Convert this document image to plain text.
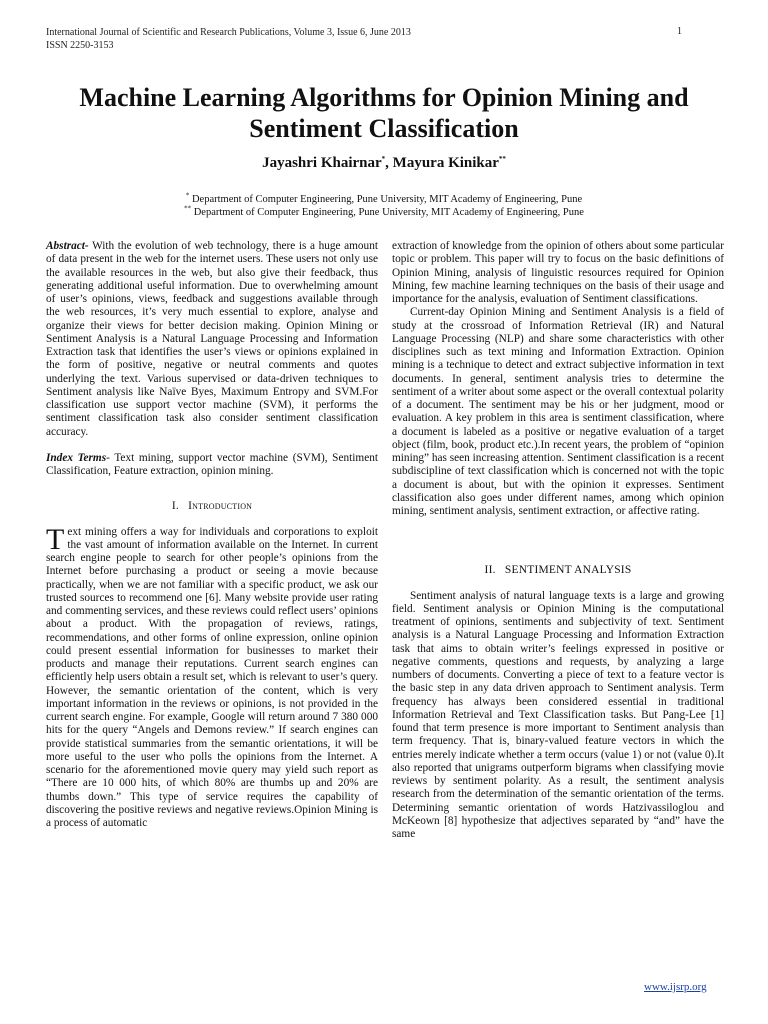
International Journal of Scientific and Research Publications, Volume 3, Issue 6, June 2013
ISSN 2250-3153
1
Machine Learning Algorithms for Opinion Mining and Sentiment Classification
Jayashri Khairnar*, Mayura Kinikar**
* Department of Computer Engineering, Pune University, MIT Academy of Engineering, Pune
** Department of Computer Engineering, Pune University, MIT Academy of Engineering, Pune

Abstract- With the evolution of web technology, there is a huge amount of data present in the web for the internet users. These users not only use the available resources in the web, but also give their feedback, thus generating additional useful information. Due to overwhelming amount of user’s opinions, views, feedback and suggestions available through the web resources, it’s very much essential to explore, analyse and organize their views for better decision making. Opinion Mining or Sentiment Analysis is a Natural Language Processing and Information Extraction task that identifies the user’s views or opinions explained in the form of positive, negative or neutral comments and quotes underlying the text. Various supervised or data-driven techniques to Sentiment analysis like Naïve Byes, Maximum Entropy and SVM.For classification use support vector machine (SVM), it performs the sentiment classification task also consider sentiment classification accuracy.

Index Terms- Text mining, support vector machine (SVM), Sentiment Classification, Feature extraction, opinion mining.

I. Introduction

Text mining offers a way for individuals and corporations to exploit the vast amount of information available on the Internet. In current search engine people to search for other people’s opinions from the Internet before purchasing a product or seeing a movie because practically, when we are not familiar with a specific product, we ask our trusted sources to recommend one [6]. Many website provide user rating and commenting services, and these reviews could reflect users’ opinions about a product. With the propagation of reviews, ratings, recommendations, and other forms of online expression, online opinion could present essential information for businesses to market their products and manage their reputations. Current search engines can efficiently help users obtain a result set, which is relevant to user’s query. However, the semantic orientation of the content, which is very important information in the reviews or opinions, is not provided in the current search engine. For example, Google will return around 7 380 000 hits for the query “Angels and Demons review.” If search engines can provide statistical summaries from the semantic orientations, it will be more useful to the user who polls the opinions from the Internet. A scenario for the aforementioned movie query may yield such report as “There are 10 000 hits, of which 80% are thumbs up and 20% are thumbs down.” This type of service requires the capability of discovering the positive reviews and negative reviews.Opinion Mining is a process of automatic

extraction of knowledge from the opinion of others about some particular topic or problem. This paper will try to focus on the basic definitions of Opinion Mining, analysis of linguistic resources required for Opinion Mining, few machine learning techniques on the basis of their usage and importance for the analysis, evaluation of Sentiment classifications.

Current-day Opinion Mining and Sentiment Analysis is a field of study at the crossroad of Information Retrieval (IR) and Natural Language Processing (NLP) and share some characteristics with other disciplines such as text mining and Information Extraction. Opinion mining is a technique to detect and extract subjective information in text documents. In general, sentiment analysis tries to determine the sentiment of a writer about some aspect or the overall contextual polarity of a document. The sentiment may be his or her judgment, mood or evaluation. A key problem in this area is sentiment classification, where a document is labeled as a positive or negative evaluation of a target object (film, book, product etc.).In recent years, the problem of “opinion mining” has seen increasing attention. Sentiment classification is a recent subdiscipline of text classification which is concerned not with the topic a document is about, but with the opinion it expresses. Sentiment classification also goes under different names, among which opinion mining, sentiment analysis, sentiment extraction, or affective rating.

II. SENTIMENT ANALYSIS

Sentiment analysis of natural language texts is a large and growing field. Sentiment analysis or Opinion Mining is the computational treatment of opinions, sentiments and subjectivity of text. Sentiment analysis is a Natural Language Processing and Information Extraction task that aims to obtain writer’s feelings expressed in positive or negative comments, questions and requests, by analyzing a large numbers of documents. Converting a piece of text to a feature vector is the basic step in any data driven approach to Sentiment analysis. Term frequency has always been considered essential in traditional Information Retrieval and Text Classification tasks. But Pang-Lee [1] found that term presence is more important to Sentiment analysis than term frequency. That is, binary-valued feature vectors in which the entries merely indicate whether a term occurs (value 1) or not (value 0).It also reported that unigrams outperform bigrams when classifying movie reviews by sentiment polarity. As a result, the sentiment analysis research from the determination of the semantic orientation of the terms. Determining semantic orientation of words Hatzivassiloglou and McKeown [8] hypothesize that adjectives separated by “and” have the same

www.ijsrp.org
